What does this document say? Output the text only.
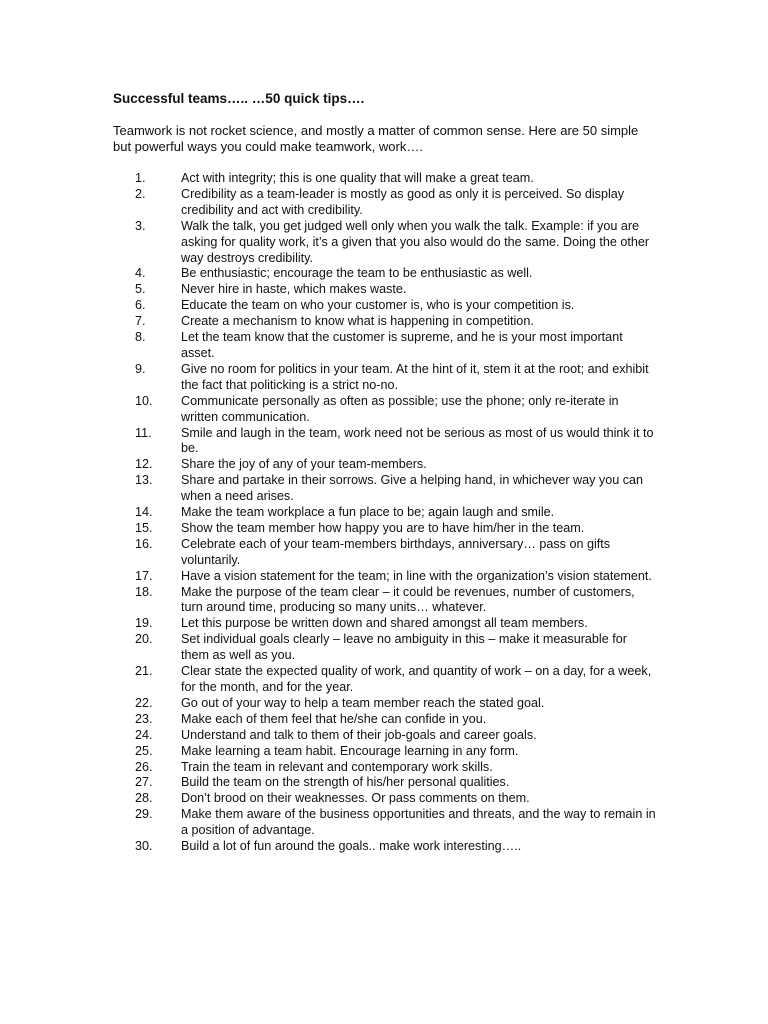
Successful teams….. …50 quick tips….
Teamwork is not rocket science, and mostly a matter of common sense. Here are 50 simple but powerful ways you could make teamwork, work….
1.	Act with integrity; this is one quality that will make a great team.
2.	Credibility as a team-leader is mostly as good as only it is perceived. So display credibility and act with credibility.
3.	Walk the talk, you get judged well only when you walk the talk. Example: if you are asking for quality work, it’s a given that you also would do the same. Doing the other way destroys credibility.
4.	Be enthusiastic; encourage the team to be enthusiastic as well.
5.	Never hire in haste, which makes waste.
6.	Educate the team on who your customer is, who is your competition is.
7.	Create a mechanism to know what is happening in competition.
8.	Let the team know that the customer is supreme, and he is your most important asset.
9.	Give no room for politics in your team. At the hint of it, stem it at the root; and exhibit the fact that politicking is a strict no-no.
10.	Communicate personally as often as possible; use the phone; only re-iterate in written communication.
11.	Smile and laugh in the team, work need not be serious as most of us would think it to be.
12.	Share the joy of any of your team-members.
13.	Share and partake in their sorrows. Give a helping hand, in whichever way you can when a need arises.
14.	Make the team workplace a fun place to be; again laugh and smile.
15.	Show the team member how happy you are to have him/her in the team.
16.	Celebrate each of your team-members birthdays, anniversary… pass on gifts voluntarily.
17.	Have a vision statement for the team; in line with the organization’s vision statement.
18.	Make the purpose of the team clear – it could be revenues, number of customers, turn around time, producing so many units… whatever.
19.	Let this purpose be written down and shared amongst all team members.
20.	Set individual goals clearly – leave no ambiguity in this – make it measurable for them as well as you.
21.	Clear state the expected quality of work, and quantity of work – on a day, for a week, for the month, and for the year.
22.	Go out of your way to help a team member reach the stated goal.
23.	Make each of them feel that he/she can confide in you.
24.	Understand and talk to them of their job-goals and career goals.
25.	Make learning a team habit. Encourage learning in any form.
26.	Train the team in relevant and contemporary work skills.
27.	Build the team on the strength of his/her personal qualities.
28.	Don’t brood on their weaknesses. Or pass comments on them.
29.	Make them aware of the business opportunities and threats, and the way to remain in a position of advantage.
30.	Build a lot of fun around the goals.. make work interesting…..
